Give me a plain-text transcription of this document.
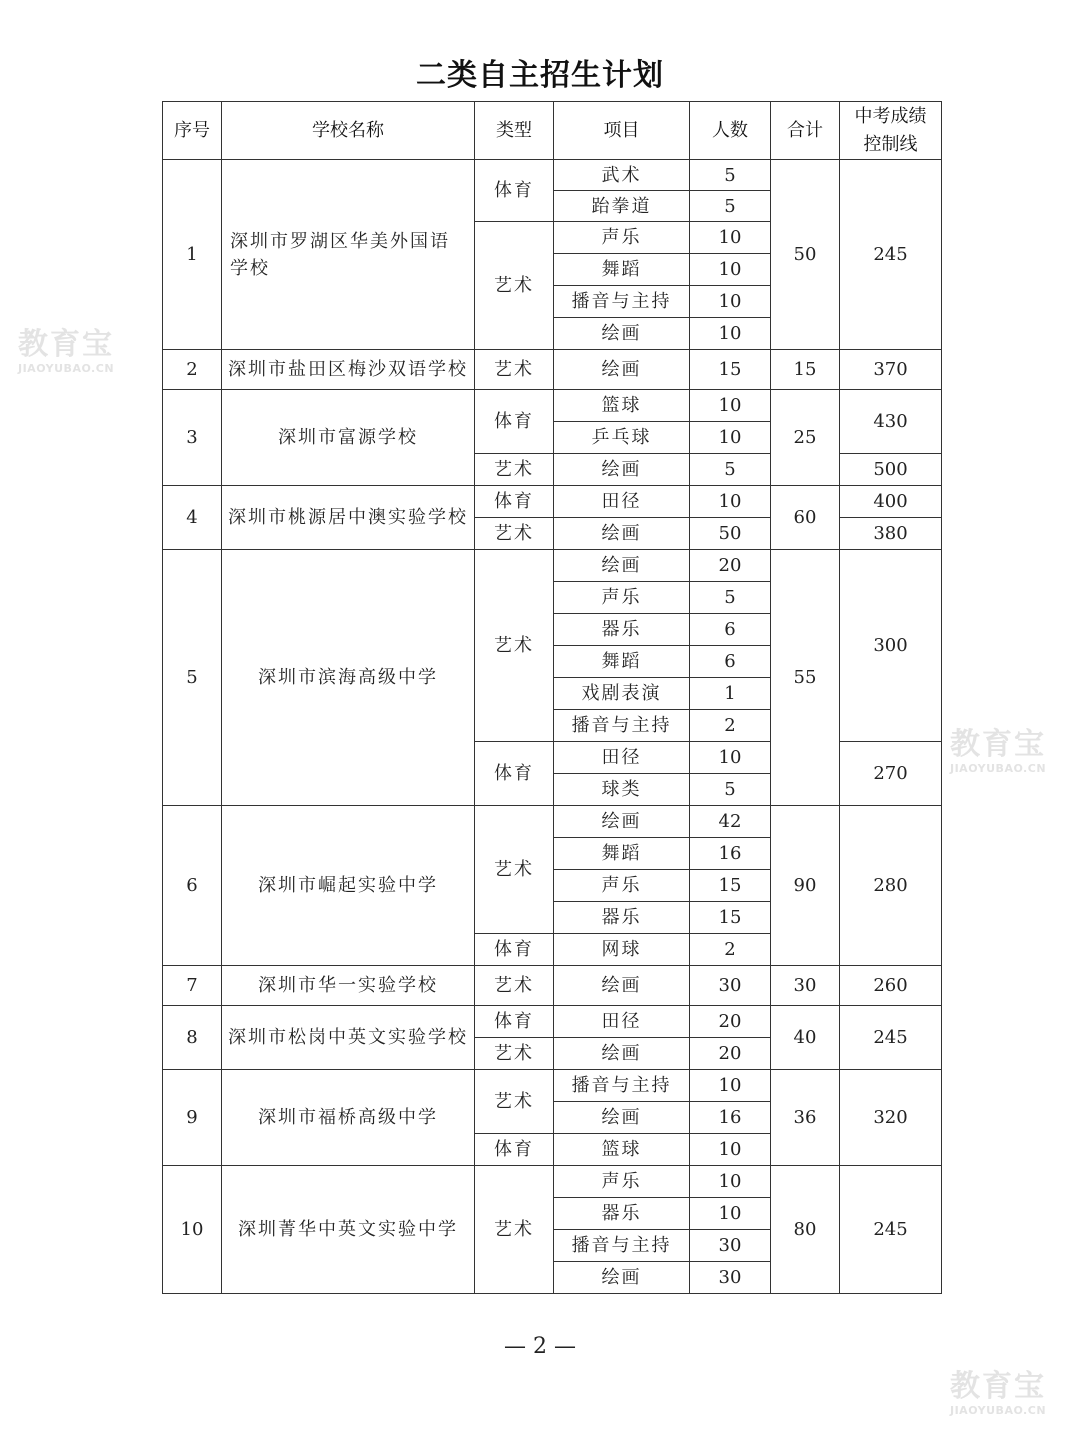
二类自主招生计划
序号	学校名称	类型	项目	人数	合计	中考成绩
控制线
1	深圳市罗湖区华美外国语学校	体育	武术	5	50	245
			跆拳道	5		
		艺术	声乐	10		
			舞蹈	10		
			播音与主持	10		
			绘画	10		
2	深圳市盐田区梅沙双语学校	艺术	绘画	15	15	370
3	深圳市富源学校	体育	篮球	10	25	430
			乒乓球	10		
		艺术	绘画	5		500
4	深圳市桃源居中澳实验学校	体育	田径	10	60	400
		艺术	绘画	50		380
5	深圳市滨海高级中学	艺术	绘画	20	55	300
			声乐	5		
			器乐	6		
			舞蹈	6		
			戏剧表演	1		
			播音与主持	2		
		体育	田径	10		270
			球类	5		
6	深圳市崛起实验中学	艺术	绘画	42	90	280
			舞蹈	16		
			声乐	15		
			器乐	15		
		体育	网球	2		
7	深圳市华一实验学校	艺术	绘画	30	30	260
8	深圳市松岗中英文实验学校	体育	田径	20	40	245
		艺术	绘画	20		
9	深圳市福桥高级中学	艺术	播音与主持	10	36	320
			绘画	16		
		体育	篮球	10		
10	深圳菁华中英文实验中学	艺术	声乐	10	80	245
			器乐	10		
			播音与主持	30		
			绘画	30		
— 2 —
教育宝
JIAOYUBAO.CN
教育宝
JIAOYUBAO.CN
教育宝
JIAOYUBAO.CN
